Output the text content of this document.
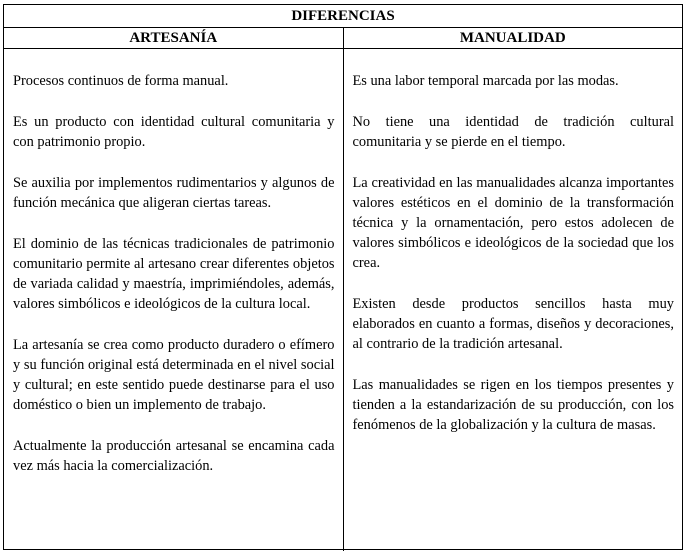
DIFERENCIAS
ARTESANÍA	MANUALIDAD

Procesos continuos de forma manual.

Es un producto con identidad cultural comunitaria y con patrimonio propio.

Se auxilia por implementos rudimentarios y algunos de función mecánica que aligeran ciertas tareas.

El dominio de las técnicas tradicionales de patrimonio comunitario permite al artesano crear diferentes objetos de variada calidad y maestría, imprimiéndoles, además, valores simbólicos e ideológicos de la cultura local.

La artesanía se crea como producto duradero o efímero y su función original está determinada en el nivel social y cultural; en este sentido puede destinarse para el uso doméstico o bien un implemento de trabajo.

Actualmente la producción artesanal se encamina cada vez más hacia la comercialización.

Es una labor temporal marcada por las modas.

No tiene una identidad de tradición cultural comunitaria y se pierde en el tiempo.

La creatividad en las manualidades alcanza importantes valores estéticos en el dominio de la transformación técnica y la ornamentación, pero estos adolecen de valores simbólicos e ideológicos de la sociedad que los crea.

Existen desde productos sencillos hasta muy elaborados en cuanto a formas, diseños y decoraciones, al contrario de la tradición artesanal.

Las manualidades se rigen en los tiempos presentes y tienden a la estandarización de su producción, con los fenómenos de la globalización y la cultura de masas.
